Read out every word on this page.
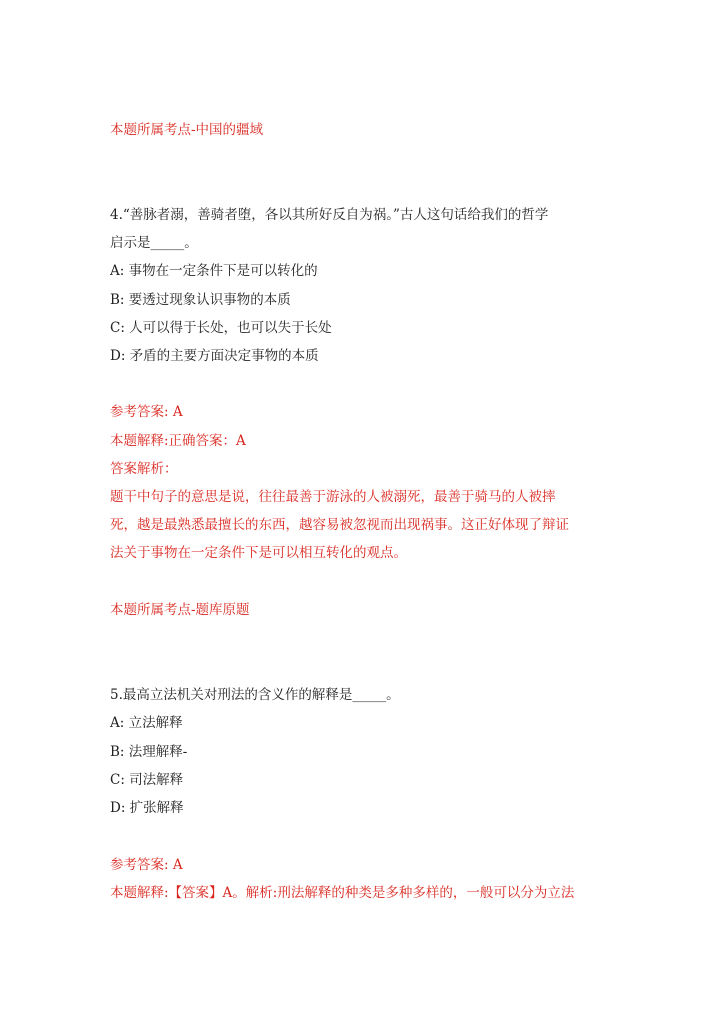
本题所属考点-中国的疆域
4.“善脉者溺，善骑者堕，各以其所好反自为祸。”古人这句话给我们的哲学
启示是_____。
A: 事物在一定条件下是可以转化的
B: 要透过现象认识事物的本质
C: 人可以得于长处，也可以失于长处
D: 矛盾的主要方面决定事物的本质
参考答案: A
本题解释:正确答案：A
答案解析：
题干中句子的意思是说，往往最善于游泳的人被溺死，最善于骑马的人被摔
死，越是最熟悉最擅长的东西，越容易被忽视而出现祸事。这正好体现了辩证
法关于事物在一定条件下是可以相互转化的观点。
本题所属考点-题库原题
5.最高立法机关对刑法的含义作的解释是_____。
A: 立法解释
B: 法理解释-
C: 司法解释
D: 扩张解释
参考答案: A
本题解释:【答案】A。解析:刑法解释的种类是多种多样的，一般可以分为立法
